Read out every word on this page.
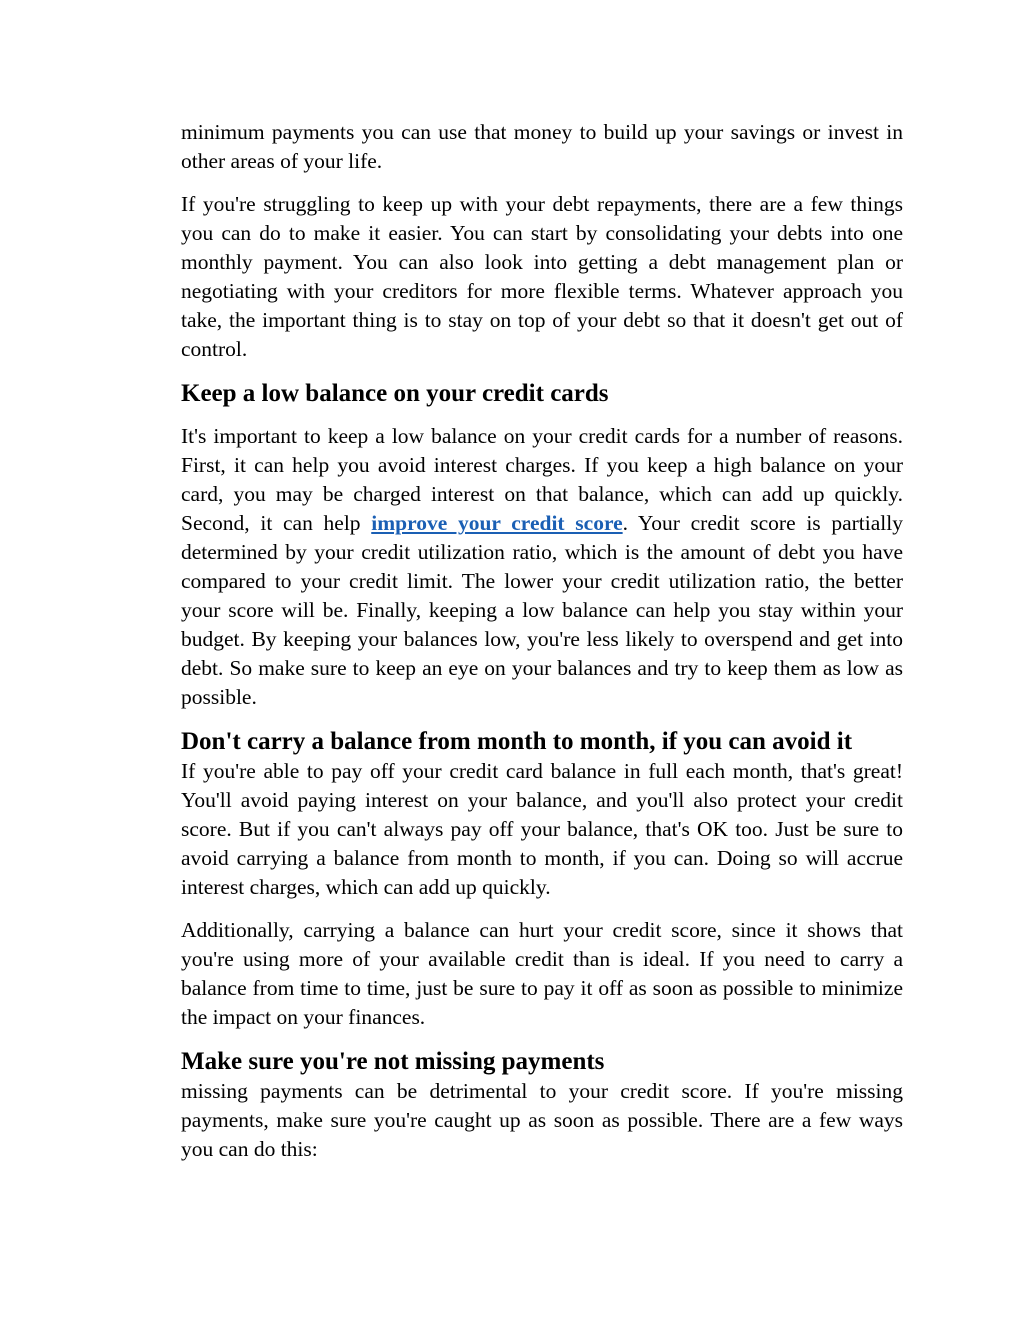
minimum payments you can use that money to build up your savings or invest in other areas of your life.

If you're struggling to keep up with your debt repayments, there are a few things you can do to make it easier. You can start by consolidating your debts into one monthly payment. You can also look into getting a debt management plan or negotiating with your creditors for more flexible terms. Whatever approach you take, the important thing is to stay on top of your debt so that it doesn't get out of control.

Keep a low balance on your credit cards

It's important to keep a low balance on your credit cards for a number of reasons. First, it can help you avoid interest charges. If you keep a high balance on your card, you may be charged interest on that balance, which can add up quickly. Second, it can help improve your credit score. Your credit score is partially determined by your credit utilization ratio, which is the amount of debt you have compared to your credit limit. The lower your credit utilization ratio, the better your score will be. Finally, keeping a low balance can help you stay within your budget. By keeping your balances low, you're less likely to overspend and get into debt. So make sure to keep an eye on your balances and try to keep them as low as possible.

Don't carry a balance from month to month, if you can avoid it

If you're able to pay off your credit card balance in full each month, that's great! You'll avoid paying interest on your balance, and you'll also protect your credit score. But if you can't always pay off your balance, that's OK too. Just be sure to avoid carrying a balance from month to month, if you can. Doing so will accrue interest charges, which can add up quickly.

Additionally, carrying a balance can hurt your credit score, since it shows that you're using more of your available credit than is ideal. If you need to carry a balance from time to time, just be sure to pay it off as soon as possible to minimize the impact on your finances.

Make sure you're not missing payments

missing payments can be detrimental to your credit score. If you're missing payments, make sure you're caught up as soon as possible. There are a few ways you can do this:
